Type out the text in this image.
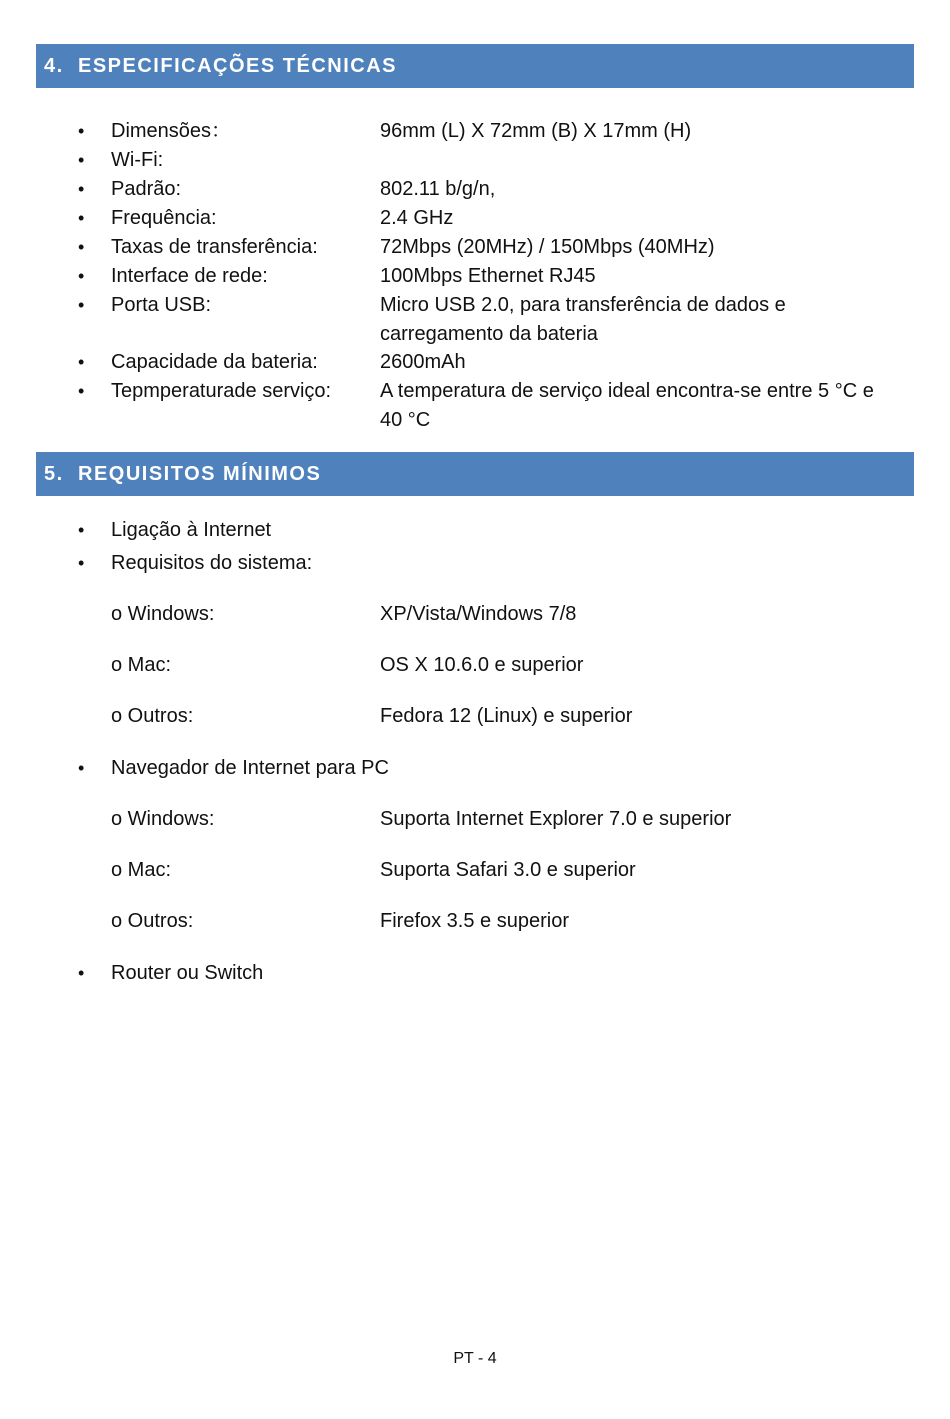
4. ESPECIFICAÇÕES TÉCNICAS
• Dimensões：	96mm (L) X 72mm (B) X 17mm (H)
• Wi-Fi:
• Padrão:	802.11 b/g/n,
• Frequência:	2.4 GHz
• Taxas de transferência:	72Mbps (20MHz) / 150Mbps (40MHz)
• Interface de rede:	100Mbps Ethernet RJ45
• Porta USB:	Micro USB 2.0, para transferência de dados e carregamento da bateria
• Capacidade da bateria:	2600mAh
• Tepmperaturade serviço: A temperatura de serviço ideal encontra-se entre 5 °C e 40 °C
5. REQUISITOS MÍNIMOS
• Ligação à Internet
• Requisitos do sistema:
o Windows:	XP/Vista/Windows 7/8
o Mac:	OS X 10.6.0 e superior
o Outros:	Fedora 12 (Linux) e superior
• Navegador de Internet para PC
o Windows:	Suporta Internet Explorer 7.0 e superior
o Mac:	Suporta Safari 3.0 e superior
o Outros:	Firefox 3.5 e superior
• Router ou Switch
PT - 4
